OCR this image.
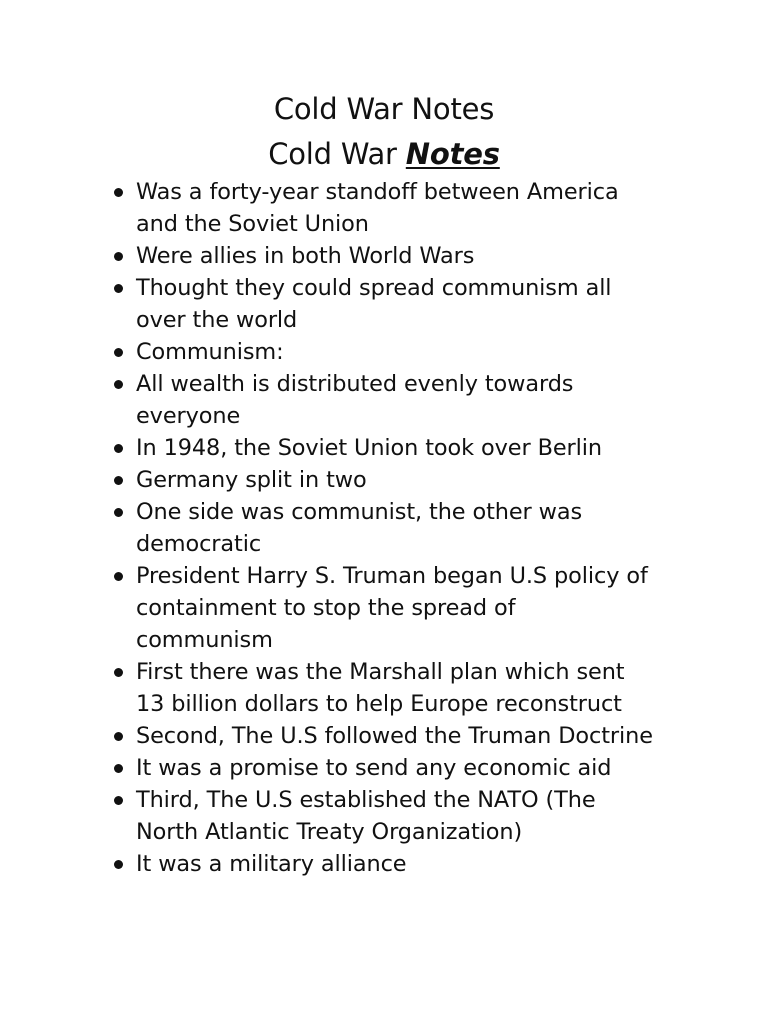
Cold War Notes
Cold War Notes
Was a forty-year standoff between America
and the Soviet Union
Were allies in both World Wars
Thought they could spread communism all
over the world
Communism:
All wealth is distributed evenly towards
everyone
In 1948, the Soviet Union took over Berlin
Germany split in two
One side was communist, the other was
democratic
President Harry S. Truman began U.S policy of
containment to stop the spread of
communism
First there was the Marshall plan which sent
13 billion dollars to help Europe reconstruct
Second, The U.S followed the Truman Doctrine
It was a promise to send any economic aid
Third, The U.S established the NATO (The
North Atlantic Treaty Organization)
It was a military alliance
